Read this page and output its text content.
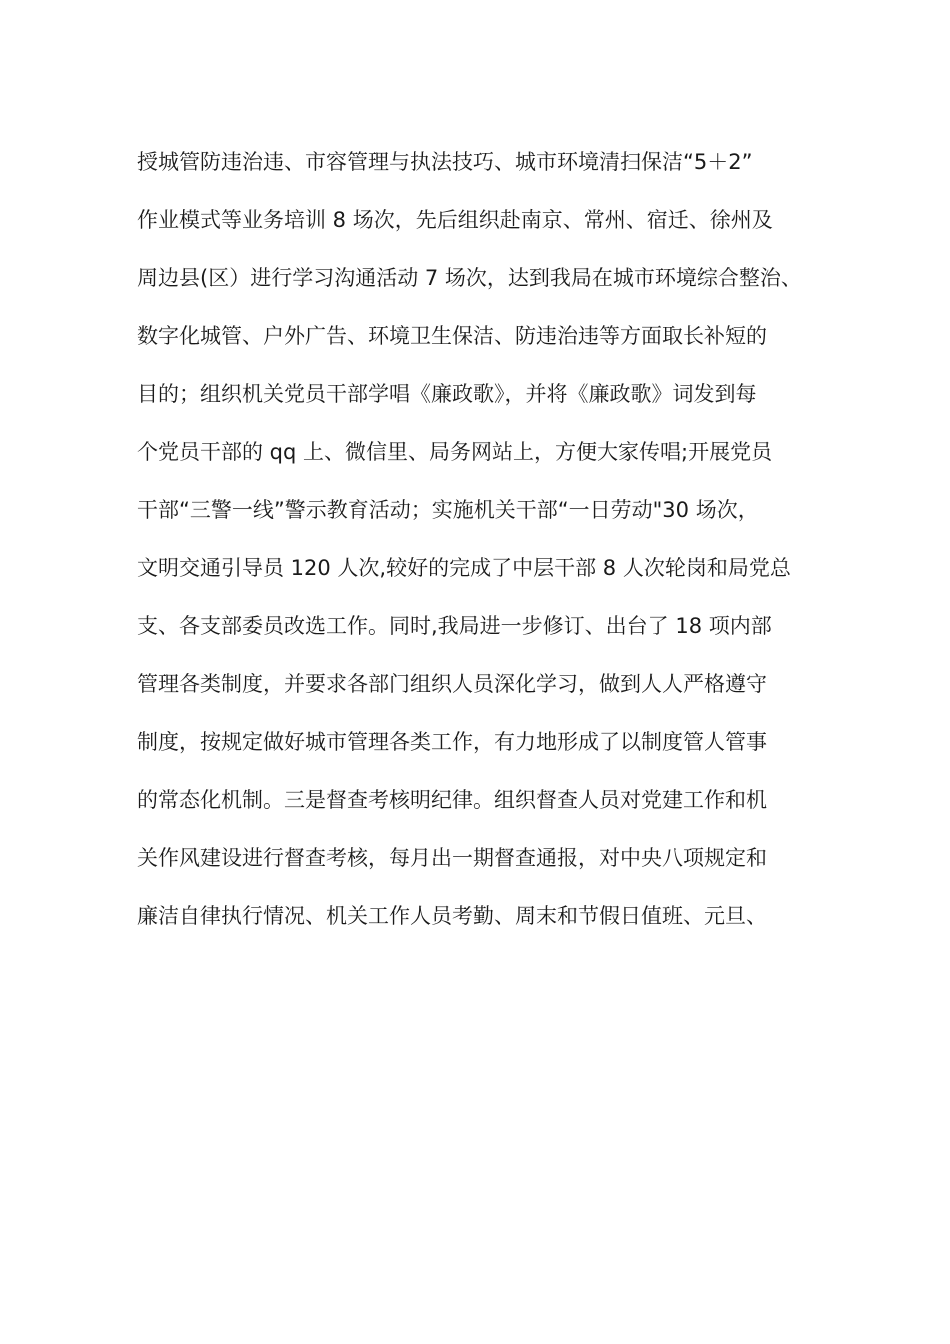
授城管防违治违、市容管理与执法技巧、城市环境清扫保洁“5＋2”
作业模式等业务培训 8 场次，先后组织赴南京、常州、宿迁、徐州及
周边县(区）进行学习沟通活动 7 场次，达到我局在城市环境综合整治、
数字化城管、户外广告、环境卫生保洁、防违治违等方面取长补短的
目的；组织机关党员干部学唱《廉政歌》，并将《廉政歌》词发到每
个党员干部的 qq 上、微信里、局务网站上，方便大家传唱;开展党员
干部“三警一线”警示教育活动；实施机关干部“一日劳动"30 场次，
文明交通引导员 120 人次,较好的完成了中层干部 8 人次轮岗和局党总
支、各支部委员改选工作。同时,我局进一步修订、出台了 18 项内部
管理各类制度，并要求各部门组织人员深化学习，做到人人严格遵守
制度，按规定做好城市管理各类工作，有力地形成了以制度管人管事
的常态化机制。三是督查考核明纪律。组织督查人员对党建工作和机
关作风建设进行督查考核，每月出一期督查通报，对中央八项规定和
廉洁自律执行情况、机关工作人员考勤、周末和节假日值班、元旦、
